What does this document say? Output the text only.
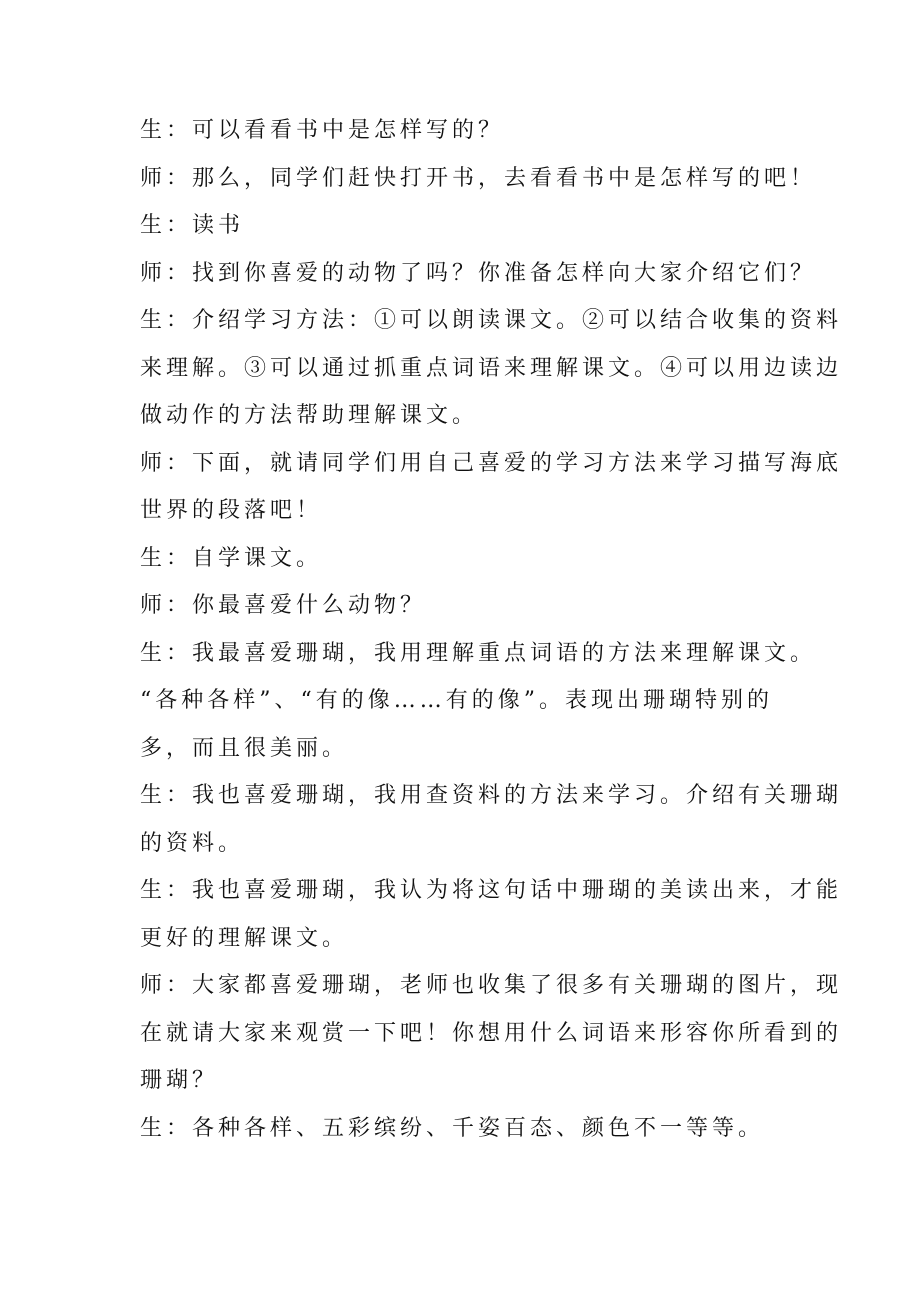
生：可以看看书中是怎样写的？
师：那么，同学们赶快打开书，去看看书中是怎样写的吧！
生：读书
师：找到你喜爱的动物了吗？你准备怎样向大家介绍它们？
生：介绍学习方法：①可以朗读课文。②可以结合收集的资料
来理解。③可以通过抓重点词语来理解课文。④可以用边读边
做动作的方法帮助理解课文。
师：下面，就请同学们用自己喜爱的学习方法来学习描写海底
世界的段落吧！
生：自学课文。
师：你最喜爱什么动物？
生：我最喜爱珊瑚，我用理解重点词语的方法来理解课文。
“各种各样”、“有的像……有的像”。表现出珊瑚特别的
多，而且很美丽。
生：我也喜爱珊瑚，我用查资料的方法来学习。介绍有关珊瑚
的资料。
生：我也喜爱珊瑚，我认为将这句话中珊瑚的美读出来，才能
更好的理解课文。
师：大家都喜爱珊瑚，老师也收集了很多有关珊瑚的图片，现
在就请大家来观赏一下吧！你想用什么词语来形容你所看到的
珊瑚？
生：各种各样、五彩缤纷、千姿百态、颜色不一等等。
